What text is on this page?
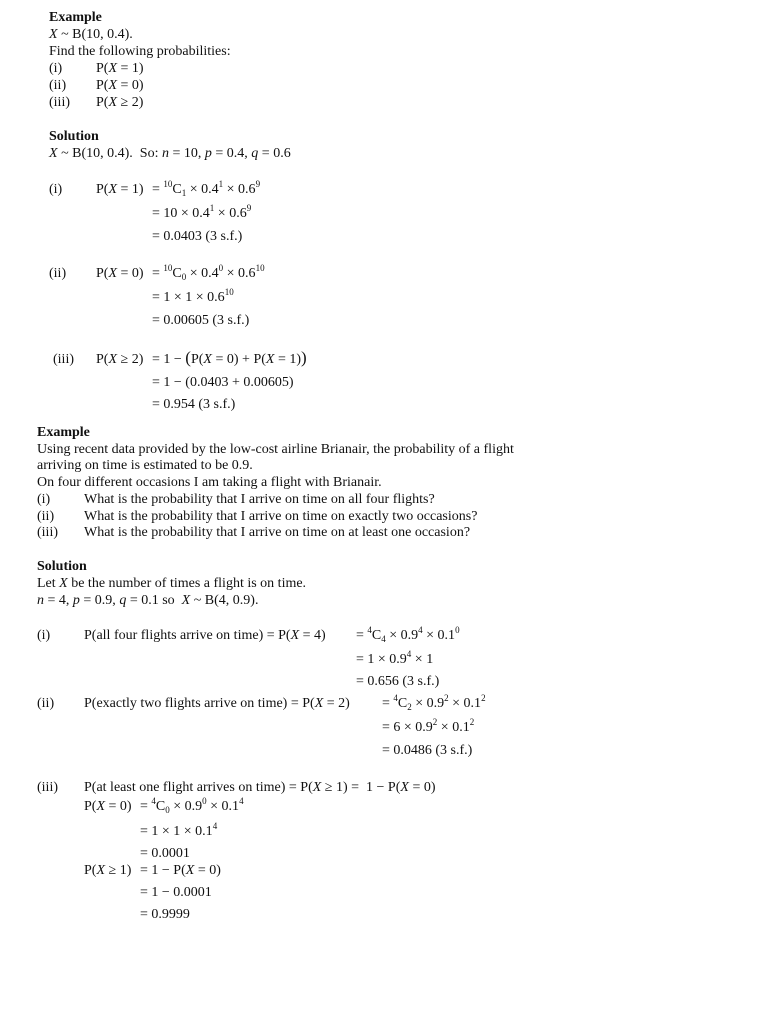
Example
X ~ B(10, 0.4).
Find the following probabilities:
(i) P(X = 1)
(ii) P(X = 0)
(iii) P(X ≥ 2)
Solution
X ~ B(10, 0.4).  So: n = 10, p = 0.4, q = 0.6
(i) $P(X = 1) = ^{10}C_1 \times 0.4^1 \times 0.6^9$
= $10 \times 0.4^1 \times 0.6^9$
= 0.0403 (3 s.f.)
(ii) $P(X = 0) = ^{10}C_0 \times 0.4^0 \times 0.6^{10}$
= $1 \times 1 \times 0.6^{10}$
= 0.00605 (3 s.f.)
(iii) P(X ≥ 2) = 1 − (P(X = 0) + P(X = 1))
= 1 − (0.0403 + 0.00605)
= 0.954 (3 s.f.)
Example
Using recent data provided by the low-cost airline Brianair, the probability of a flight
arriving on time is estimated to be 0.9.
On four different occasions I am taking a flight with Brianair.
(i) What is the probability that I arrive on time on all four flights?
(ii) What is the probability that I arrive on time on exactly two occasions?
(iii) What is the probability that I arrive on time on at least one occasion?
Solution
Let X be the number of times a flight is on time.
n = 4, p = 0.9, q = 0.1 so  X ~ B(4, 0.9).
(i) P(all four flights arrive on time) = $P(X = 4) = ^4C_4 \times 0.9^4 \times 0.1^0$
= $1 \times 0.9^4 \times 1$
= 0.656 (3 s.f.)
(ii) P(exactly two flights arrive on time) = $P(X = 2) = ^4C_2 \times 0.9^2 \times 0.1^2$
= $6 \times 0.9^2 \times 0.1^2$
= 0.0486 (3 s.f.)
(iii) P(at least one flight arrives on time) = P(X ≥ 1) =  1 − P(X = 0)
$P(X = 0) = ^4C_0 \times 0.9^0 \times 0.1^4$
= $1 \times 1 \times 0.1^4$
= 0.0001
P(X ≥ 1) = 1 − P(X = 0)
= 1 − 0.0001
= 0.9999
